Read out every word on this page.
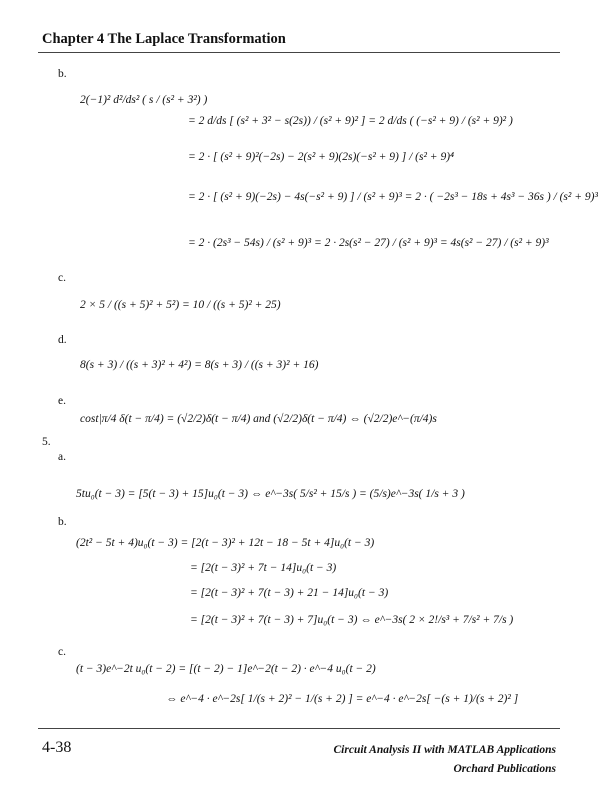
Chapter 4 The Laplace Transformation
b.
2(−1)² d²/ds² ( s / (s² + 3²) )
= 2 d/ds [ (s² + 3² − s(2s)) / (s² + 9)² ] = 2 d/ds ( (−s² + 9) / (s² + 9)² )
= 2 · [ (s² + 9)²(−2s) − 2(s² + 9)(2s)(−s² + 9) ] / (s² + 9)⁴
= 2 · [ (s² + 9)(−2s) − 4s(−s² + 9) ] / (s² + 9)³ = 2 · ( −2s³ − 18s + 4s³ − 36s ) / (s² + 9)³
= 2 · (2s³ − 54s) / (s² + 9)³ = 2 · 2s(s² − 27) / (s² + 9)³ = 4s(s² − 27) / (s² + 9)³
c.
2 × 5 / ((s + 5)² + 5²) = 10 / ((s + 5)² + 25)
d.
8(s + 3) / ((s + 3)² + 4²) = 8(s + 3) / ((s + 3)² + 16)
e.
cost|π/4 δ(t − π/4) = (√2/2)δ(t − π/4) and (√2/2)δ(t − π/4) ⇔ (√2/2)e^−(π/4)s
5.
a.
5tu₀(t − 3) = [5(t − 3) + 15]u₀(t − 3) ⇔ e^−3s( 5/s² + 15/s ) = (5/s)e^−3s( 1/s + 3 )
b.
(2t² − 5t + 4)u₀(t − 3) = [2(t − 3)² + 12t − 18 − 5t + 4]u₀(t − 3)
= [2(t − 3)² + 7t − 14]u₀(t − 3)
= [2(t − 3)² + 7(t − 3) + 21 − 14]u₀(t − 3)
= [2(t − 3)² + 7(t − 3) + 7]u₀(t − 3) ⇔ e^−3s( 2 × 2!/s³ + 7/s² + 7/s )
c.
(t − 3)e^−2t u₀(t − 2) = [(t − 2) − 1]e^−2(t − 2) · e^−4 u₀(t − 2)
⇔ e^−4 · e^−2s[ 1/(s + 2)² − 1/(s + 2) ] = e^−4 · e^−2s[ −(s + 1)/(s + 2)² ]
4-38	Circuit Analysis II with MATLAB Applications
Orchard Publications
